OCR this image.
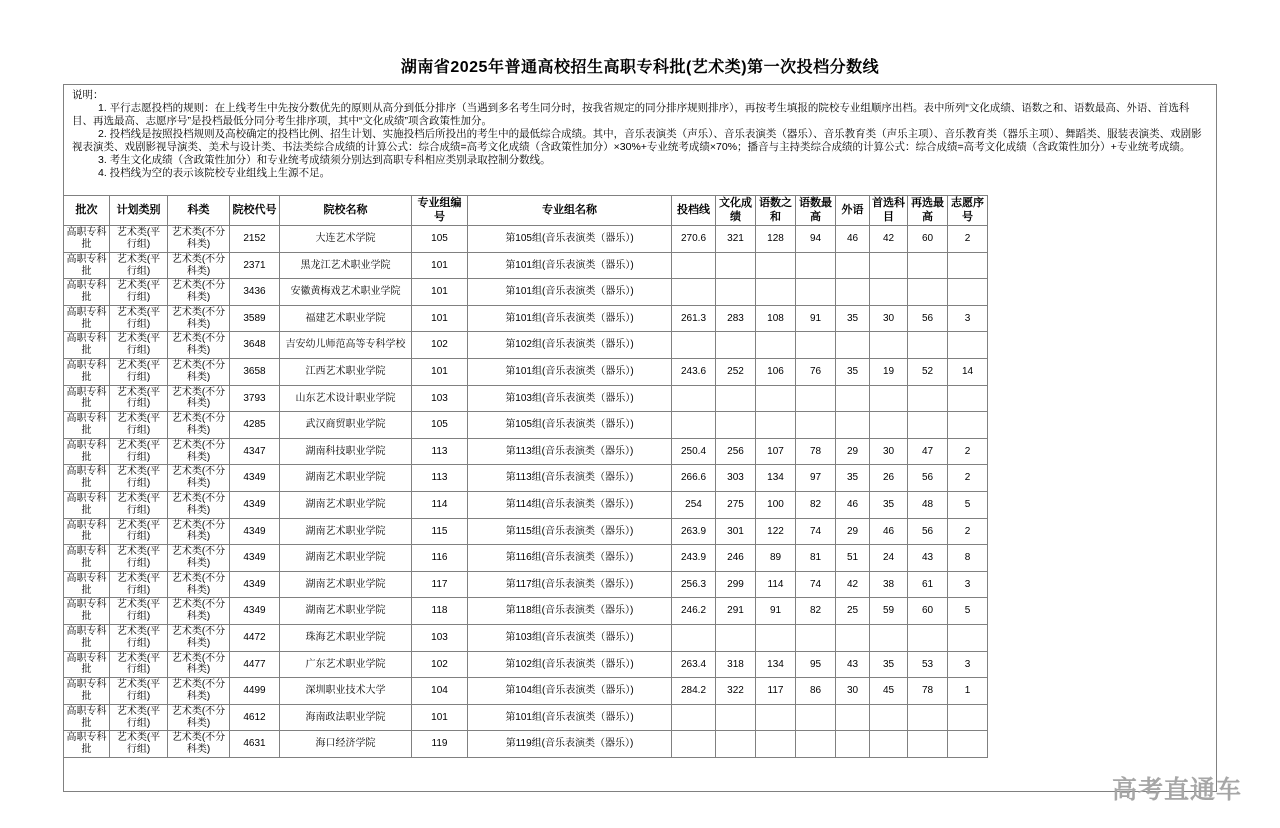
湖南省2025年普通高校招生高职专科批(艺术类)第一次投档分数线
说明：

1. 平行志愿投档的规则：在上线考生中先按分数优先的原则从高分到低分排序（当遇到多名考生同分时，按我省规定的同分排序规则排序），再按考生填报的院校专业组顺序出档。表中所列“文化成绩、语数之和、语数最高、外语、首选科目、再选最高、志愿序号”是投档最低分同分考生排序项，其中“文化成绩”项含政策性加分。

2. 投档线是按照投档规则及高校确定的投档比例、招生计划、实施投档后所投出的考生中的最低综合成绩。其中，音乐表演类（声乐）、音乐表演类（器乐）、音乐教育类（声乐主项）、音乐教育类（器乐主项）、舞蹈类、服装表演类、戏剧影视表演类、戏剧影视导演类、美术与设计类、书法类综合成绩的计算公式：综合成绩=高考文化成绩（含政策性加分）×30%+专业统考成绩×70%；播音与主持类综合成绩的计算公式：综合成绩=高考文化成绩（含政策性加分）+专业统考成绩。

3. 考生文化成绩（含政策性加分）和专业统考成绩须分别达到高职专科相应类别录取控制分数线。

4. 投档线为空的表示该院校专业组线上生源不足。

批次	计划类别	科类	院校代号	院校名称	专业组编号	专业组名称	投档线	文化成绩	语数之和	语数最高	外语	首选科目	再选最高	志愿序号
高职专科批	艺术类(平行组)	艺术类(不分科类)	2152	大连艺术学院	105	第105组(音乐表演类（器乐）)	270.6	321	128	94	46	42	60	2
高职专科批	艺术类(平行组)	艺术类(不分科类)	2371	黑龙江艺术职业学院	101	第101组(音乐表演类（器乐）)								
高职专科批	艺术类(平行组)	艺术类(不分科类)	3436	安徽黄梅戏艺术职业学院	101	第101组(音乐表演类（器乐）)								
高职专科批	艺术类(平行组)	艺术类(不分科类)	3589	福建艺术职业学院	101	第101组(音乐表演类（器乐）)	261.3	283	108	91	35	30	56	3
高职专科批	艺术类(平行组)	艺术类(不分科类)	3648	吉安幼儿师范高等专科学校	102	第102组(音乐表演类（器乐）)								
高职专科批	艺术类(平行组)	艺术类(不分科类)	3658	江西艺术职业学院	101	第101组(音乐表演类（器乐）)	243.6	252	106	76	35	19	52	14
高职专科批	艺术类(平行组)	艺术类(不分科类)	3793	山东艺术设计职业学院	103	第103组(音乐表演类（器乐）)								
高职专科批	艺术类(平行组)	艺术类(不分科类)	4285	武汉商贸职业学院	105	第105组(音乐表演类（器乐）)								
高职专科批	艺术类(平行组)	艺术类(不分科类)	4347	湖南科技职业学院	113	第113组(音乐表演类（器乐）)	250.4	256	107	78	29	30	47	2
高职专科批	艺术类(平行组)	艺术类(不分科类)	4349	湖南艺术职业学院	113	第113组(音乐表演类（器乐）)	266.6	303	134	97	35	26	56	2
高职专科批	艺术类(平行组)	艺术类(不分科类)	4349	湖南艺术职业学院	114	第114组(音乐表演类（器乐）)	254	275	100	82	46	35	48	5
高职专科批	艺术类(平行组)	艺术类(不分科类)	4349	湖南艺术职业学院	115	第115组(音乐表演类（器乐）)	263.9	301	122	74	29	46	56	2
高职专科批	艺术类(平行组)	艺术类(不分科类)	4349	湖南艺术职业学院	116	第116组(音乐表演类（器乐）)	243.9	246	89	81	51	24	43	8
高职专科批	艺术类(平行组)	艺术类(不分科类)	4349	湖南艺术职业学院	117	第117组(音乐表演类（器乐）)	256.3	299	114	74	42	38	61	3
高职专科批	艺术类(平行组)	艺术类(不分科类)	4349	湖南艺术职业学院	118	第118组(音乐表演类（器乐）)	246.2	291	91	82	25	59	60	5
高职专科批	艺术类(平行组)	艺术类(不分科类)	4472	珠海艺术职业学院	103	第103组(音乐表演类（器乐）)								
高职专科批	艺术类(平行组)	艺术类(不分科类)	4477	广东艺术职业学院	102	第102组(音乐表演类（器乐）)	263.4	318	134	95	43	35	53	3
高职专科批	艺术类(平行组)	艺术类(不分科类)	4499	深圳职业技术大学	104	第104组(音乐表演类（器乐）)	284.2	322	117	86	30	45	78	1
高职专科批	艺术类(平行组)	艺术类(不分科类)	4612	海南政法职业学院	101	第101组(音乐表演类（器乐）)								
高职专科批	艺术类(平行组)	艺术类(不分科类)	4631	海口经济学院	119	第119组(音乐表演类（器乐）)								
高考直通车
